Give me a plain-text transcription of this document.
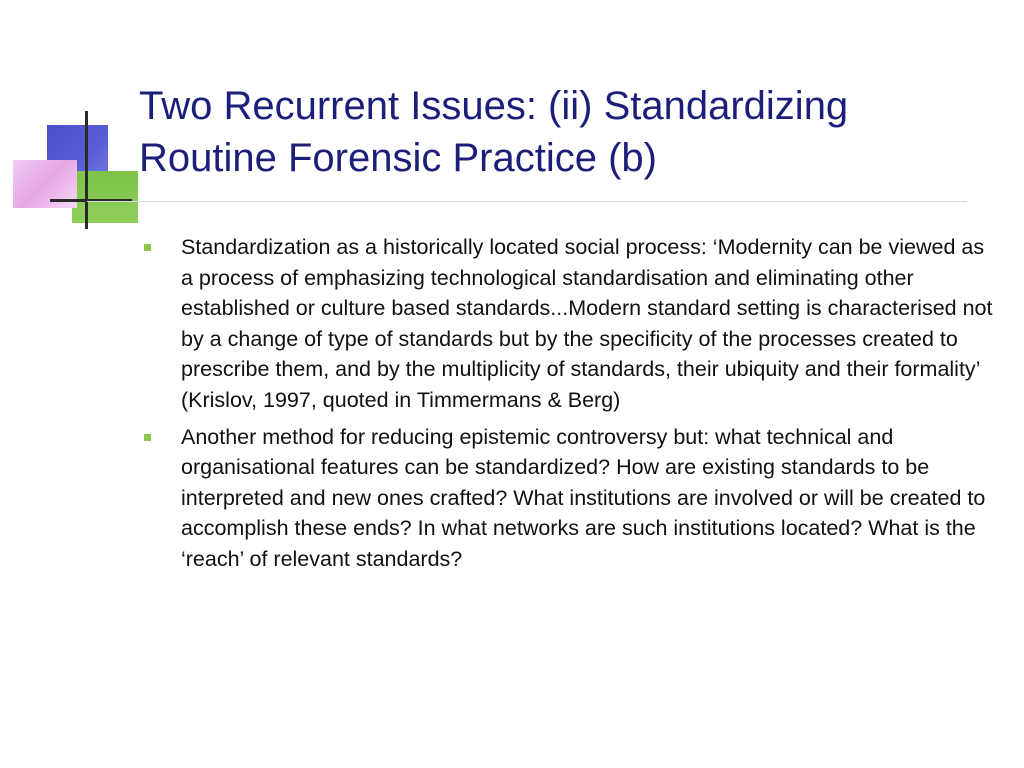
Two Recurrent Issues: (ii) Standardizing
Routine Forensic Practice (b)
Standardization as a historically located social process: ‘Modernity can be viewed as a process of emphasizing technological standardisation and eliminating other established or culture based standards...Modern standard setting is characterised not by a change of type of standards but by the specificity of the processes created to prescribe them, and by the multiplicity of standards, their ubiquity and their formality’ (Krislov, 1997, quoted in Timmermans & Berg)
Another method for reducing epistemic controversy but: what technical and organisational features can be standardized? How are existing standards to be interpreted and new ones crafted? What institutions are involved or will be created to accomplish these ends? In what networks are such institutions located? What is the ‘reach’ of relevant standards?
